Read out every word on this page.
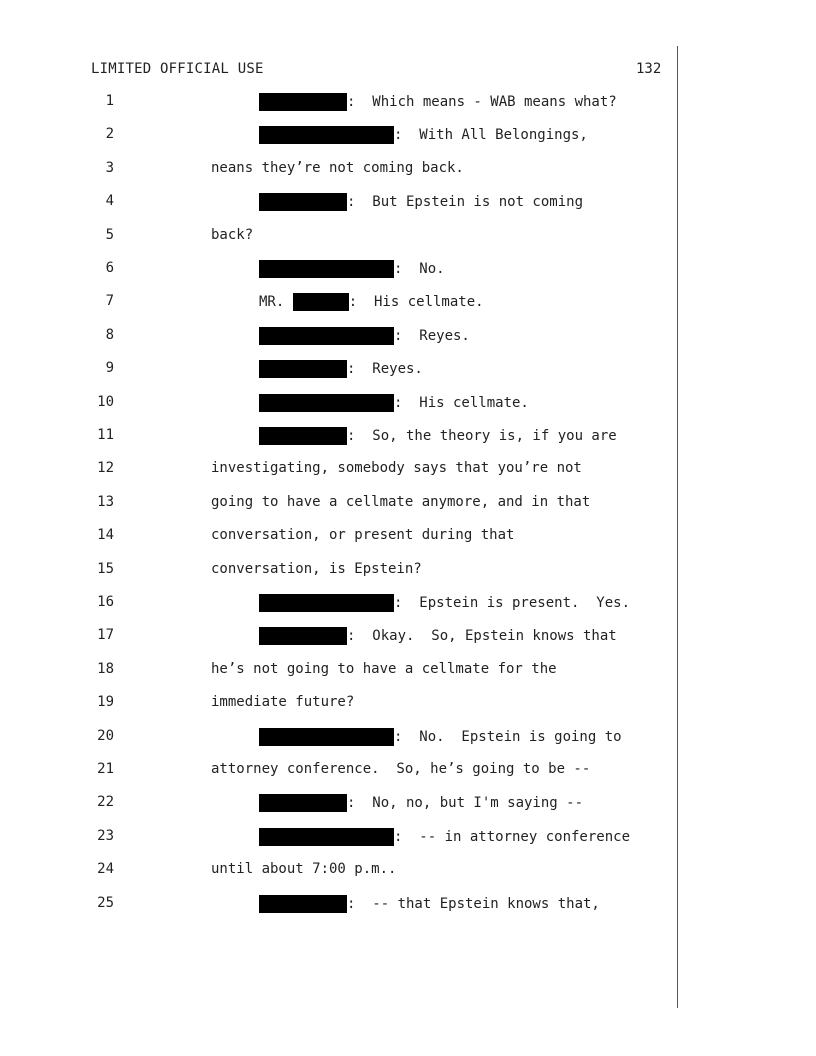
LIMITED OFFICIAL USE	132
1	:  Which means - WAB means what?
2	:  With All Belongings,
3	neans they’re not coming back.
4	:  But Epstein is not coming
5	back?
6	:  No.
7	MR.	:  His cellmate.
8	:  Reyes.
9	:  Reyes.
10	:  His cellmate.
11	:  So, the theory is, if you are
12	investigating, somebody says that you’re not
13	going to have a cellmate anymore, and in that
14	conversation, or present during that
15	conversation, is Epstein?
16	:  Epstein is present.  Yes.
17	:  Okay.  So, Epstein knows that
18	he’s not going to have a cellmate for the
19	immediate future?
20	:  No.  Epstein is going to
21	attorney conference.  So, he’s going to be --
22	:  No, no, but I'm saying --
23	:  -- in attorney conference
24	until about 7:00 p.m..
25	:  -- that Epstein knows that,
